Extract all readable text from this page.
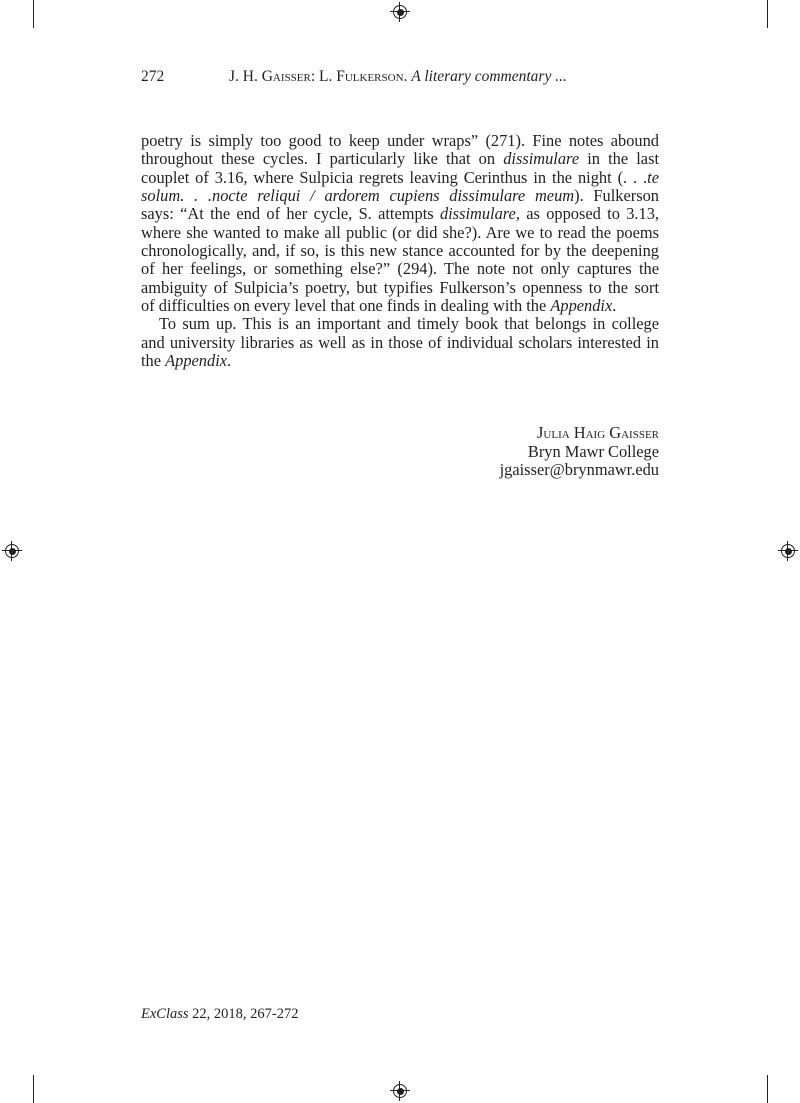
272	J. H. Gaisser: L. Fulkerson. A literary commentary ...
poetry is simply too good to keep under wraps” (271). Fine notes abound
throughout these cycles. I particularly like that on dissimulare in the last
couplet of 3.16, where Sulpicia regrets leaving Cerinthus in the night (. . .te
solum. . .nocte reliqui / ardorem cupiens dissimulare meum). Fulkerson
says: “At the end of her cycle, S. attempts dissimulare, as opposed to 3.13,
where she wanted to make all public (or did she?). Are we to read the poems
chronologically, and, if so, is this new stance accounted for by the deepening
of her feelings, or something else?” (294). The note not only captures the
ambiguity of Sulpicia’s poetry, but typifies Fulkerson’s openness to the sort
of difficulties on every level that one finds in dealing with the Appendix.
To sum up. This is an important and timely book that belongs in college
and university libraries as well as in those of individual scholars interested in
the Appendix.
Julia Haig Gaisser
Bryn Mawr College
jgaisser@brynmawr.edu
ExClass 22, 2018, 267-272
